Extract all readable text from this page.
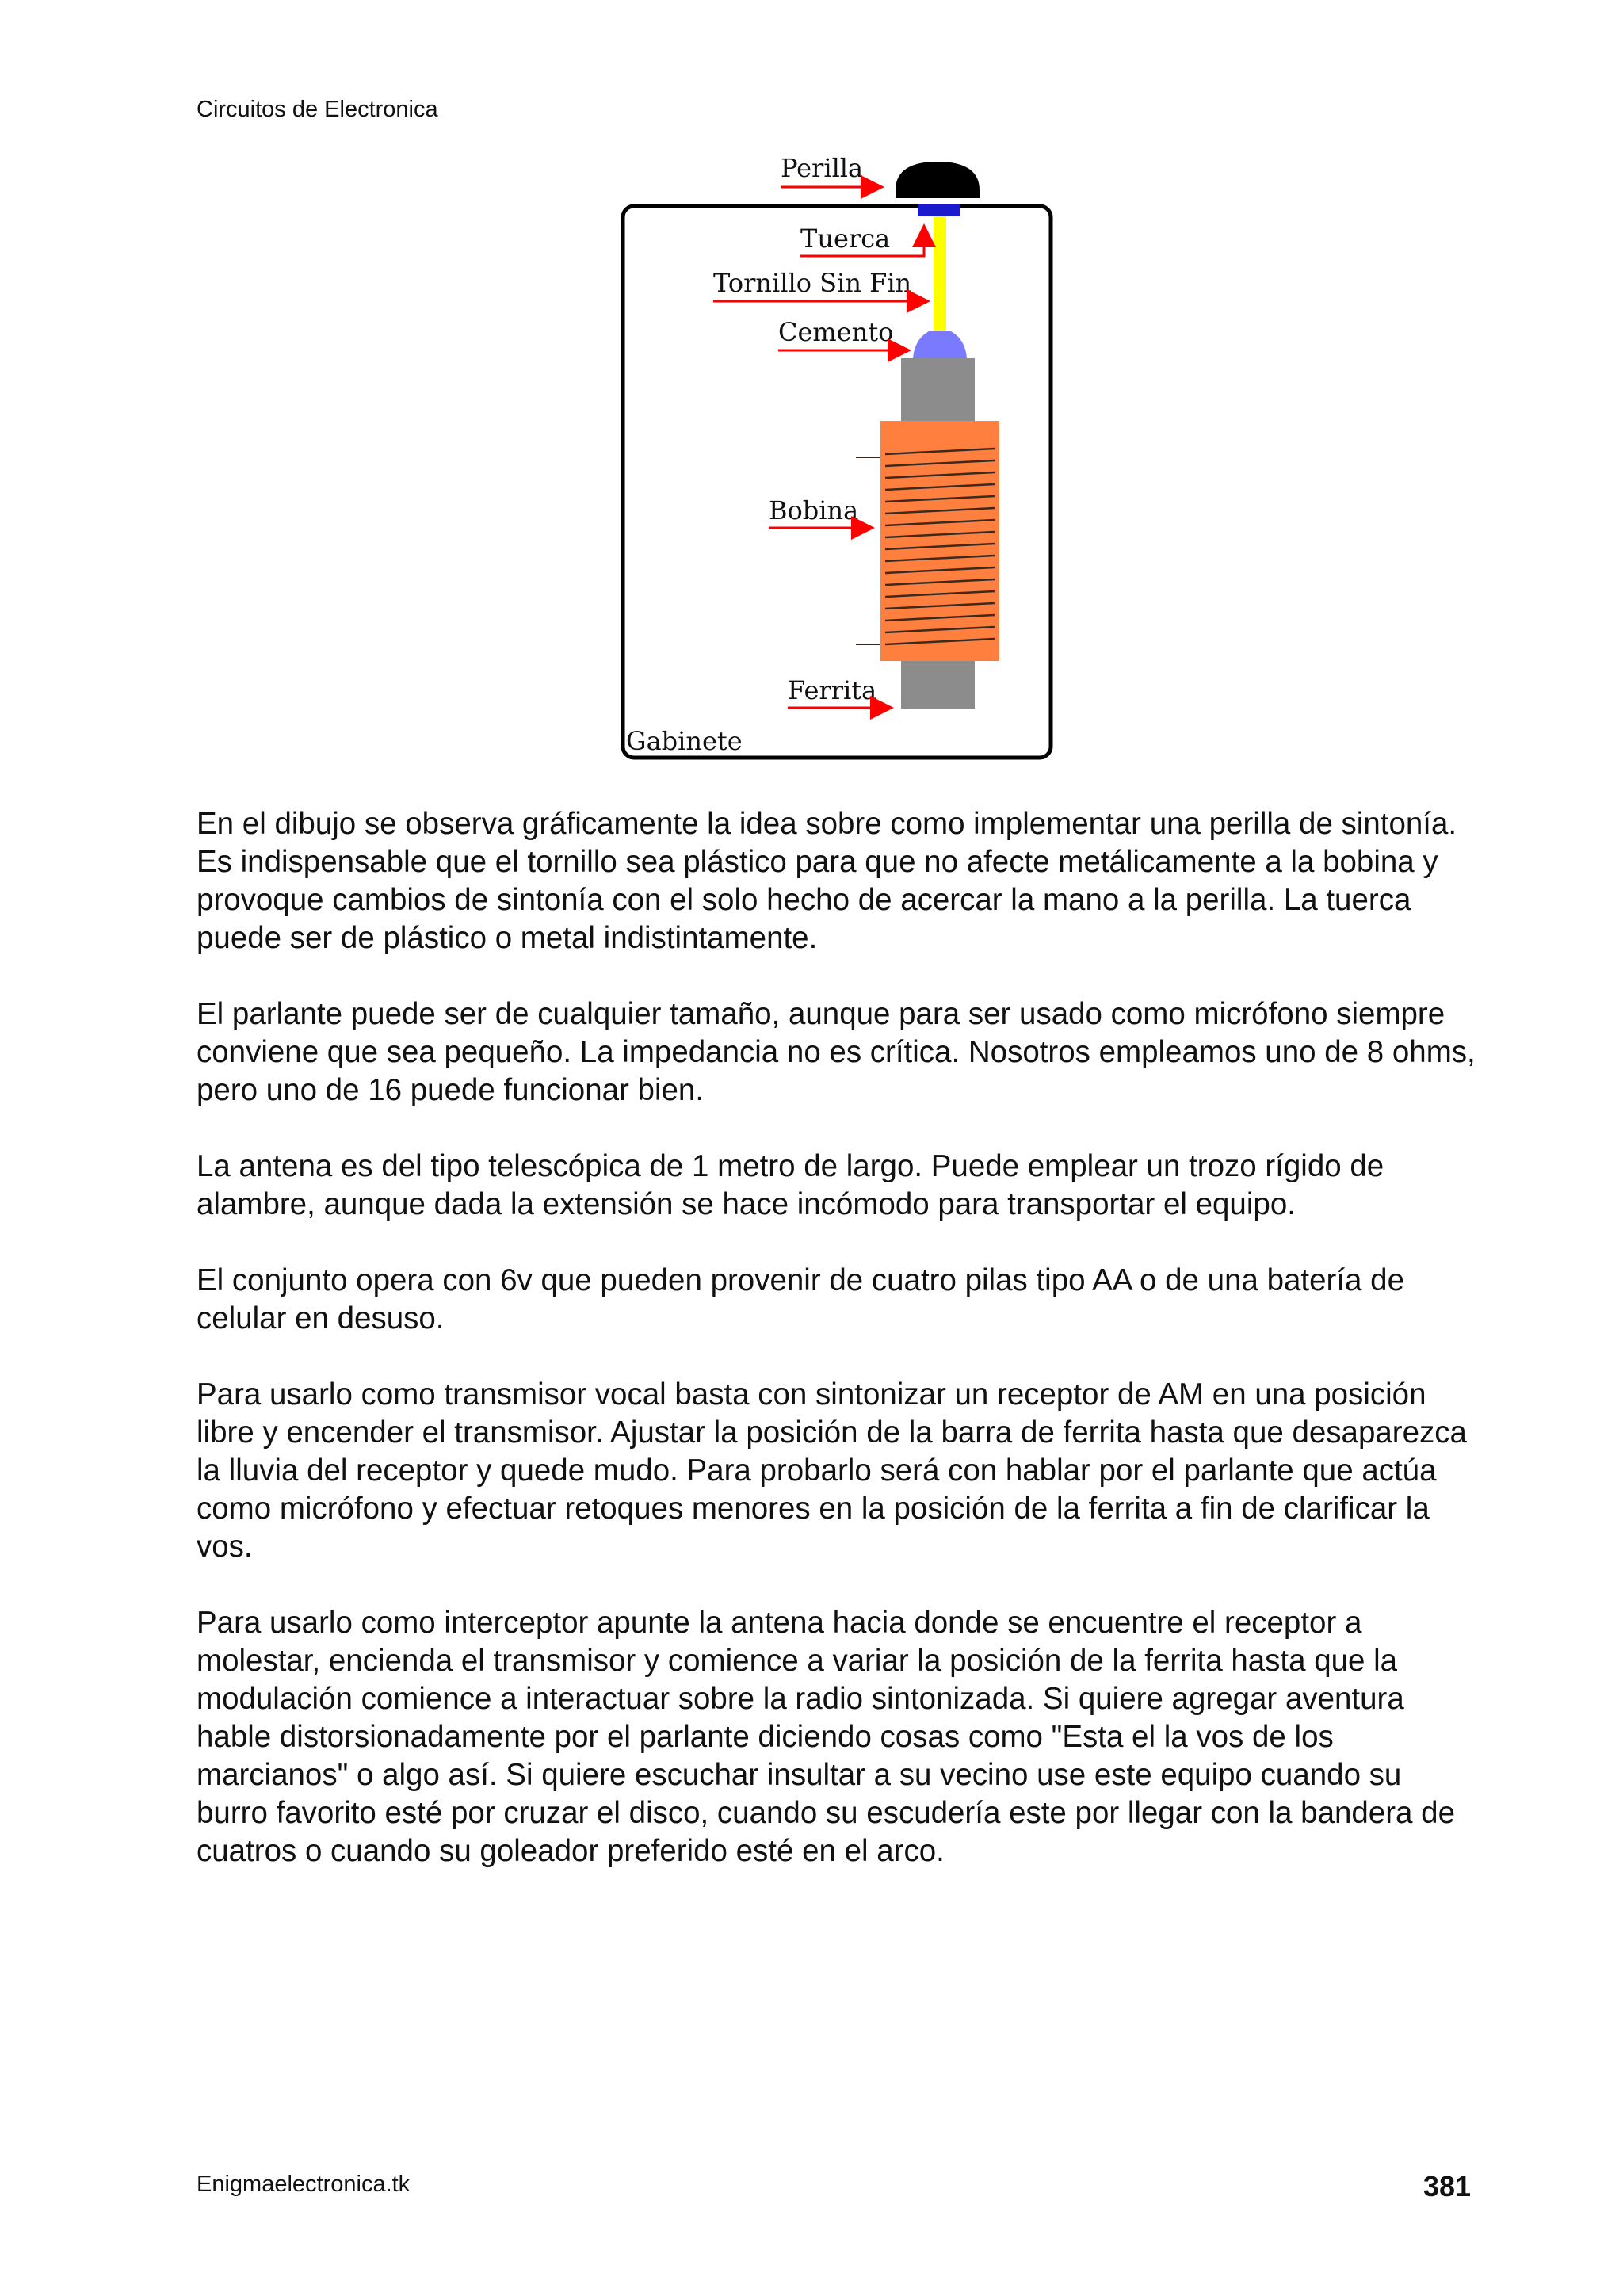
Circuitos de Electronica
Gabinete
Perilla
Tuerca
Tornillo Sin Fin
Cemento
Bobina
Ferrita

En el dibujo se observa gráficamente la idea sobre como implementar una perilla de sintonía. Es indispensable que el tornillo sea plástico para que no afecte metálicamente a la bobina y provoque cambios de sintonía con el solo hecho de acercar la mano a la perilla. La tuerca puede ser de plástico o metal indistintamente.

El parlante puede ser de cualquier tamaño, aunque para ser usado como micrófono siempre conviene que sea pequeño. La impedancia no es crítica. Nosotros empleamos uno de 8 ohms, pero uno de 16 puede funcionar bien.

La antena es del tipo telescópica de 1 metro de largo. Puede emplear un trozo rígido de alambre, aunque dada la extensión se hace incómodo para transportar el equipo.

El conjunto opera con 6v que pueden provenir de cuatro pilas tipo AA o de una batería de celular en desuso.

Para usarlo como transmisor vocal basta con sintonizar un receptor de AM en una posición libre y encender el transmisor. Ajustar la posición de la barra de ferrita hasta que desaparezca la lluvia del receptor y quede mudo. Para probarlo será con hablar por el parlante que actúa como micrófono y efectuar retoques menores en la posición de la ferrita a fin de clarificar la vos.

Para usarlo como interceptor apunte la antena hacia donde se encuentre el receptor a molestar, encienda el transmisor y comience a variar la posición de la ferrita hasta que la modulación comience a interactuar sobre la radio sintonizada. Si quiere agregar aventura hable distorsionadamente por el parlante diciendo cosas como "Esta el la vos de los marcianos" o algo así. Si quiere escuchar insultar a su vecino use este equipo cuando su burro favorito esté por cruzar el disco, cuando su escudería este por llegar con la bandera de cuatros o cuando su goleador preferido esté en el arco.

Enigmaelectronica.tk	381
